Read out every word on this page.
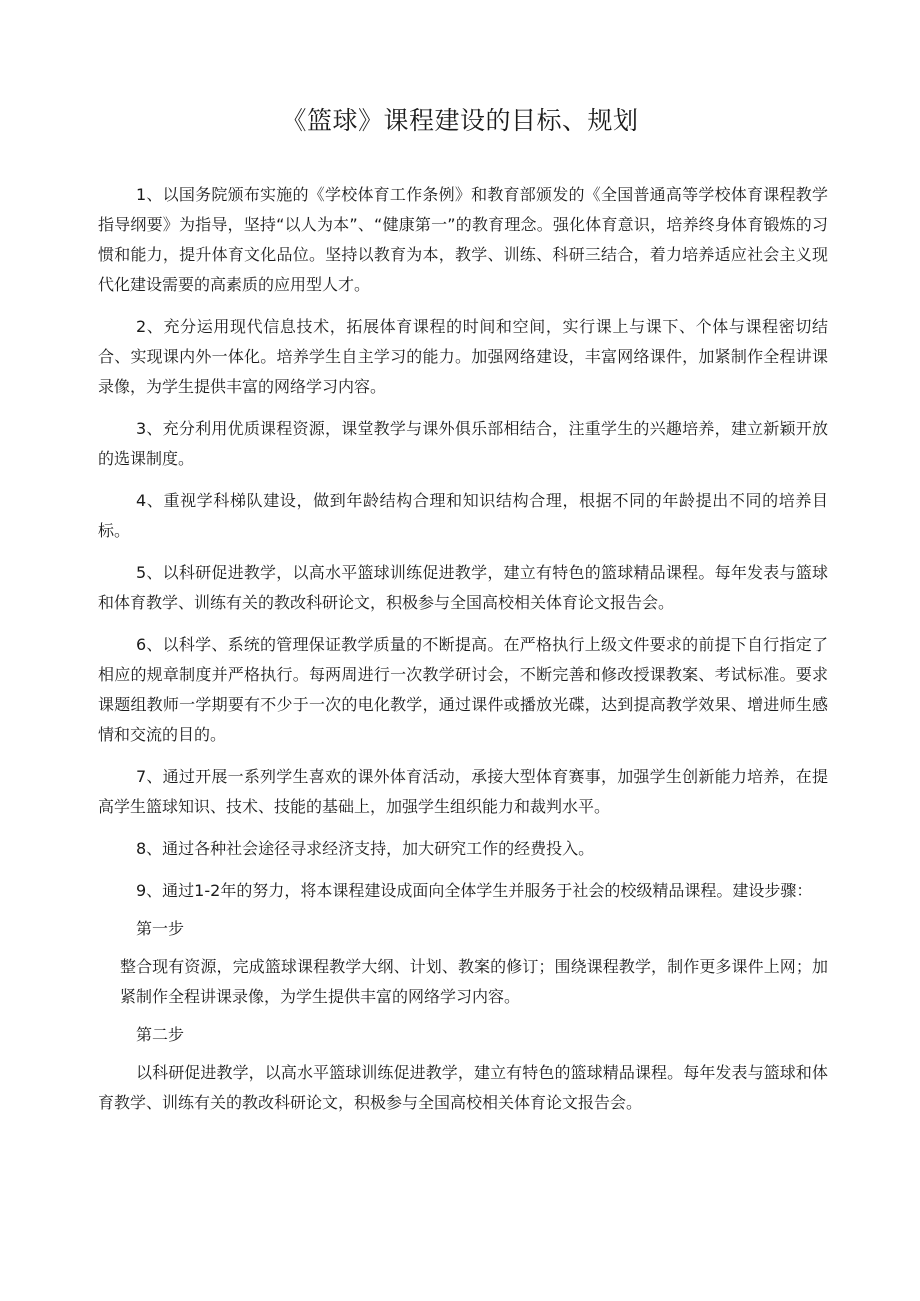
《篮球》课程建设的目标、规划

1、以国务院颁布实施的《学校体育工作条例》和教育部颁发的《全国普通高等学校体育课程教学指导纲要》为指导，坚持“以人为本”、“健康第一”的教育理念。强化体育意识，培养终身体育锻炼的习惯和能力，提升体育文化品位。坚持以教育为本，教学、训练、科研三结合，着力培养适应社会主义现代化建设需要的高素质的应用型人才。

2、充分运用现代信息技术，拓展体育课程的时间和空间，实行课上与课下、个体与课程密切结合、实现课内外一体化。培养学生自主学习的能力。加强网络建设，丰富网络课件，加紧制作全程讲课录像，为学生提供丰富的网络学习内容。

3、充分利用优质课程资源，课堂教学与课外俱乐部相结合，注重学生的兴趣培养，建立新颖开放的选课制度。

4、重视学科梯队建设，做到年龄结构合理和知识结构合理，根据不同的年龄提出不同的培养目标。

5、以科研促进教学，以高水平篮球训练促进教学，建立有特色的篮球精品课程。每年发表与篮球和体育教学、训练有关的教改科研论文，积极参与全国高校相关体育论文报告会。

6、以科学、系统的管理保证教学质量的不断提高。在严格执行上级文件要求的前提下自行指定了相应的规章制度并严格执行。每两周进行一次教学研讨会，不断完善和修改授课教案、考试标准。要求课题组教师一学期要有不少于一次的电化教学，通过课件或播放光碟，达到提高教学效果、增进师生感情和交流的目的。

7、通过开展一系列学生喜欢的课外体育活动，承接大型体育赛事，加强学生创新能力培养，在提高学生篮球知识、技术、技能的基础上，加强学生组织能力和裁判水平。

8、通过各种社会途径寻求经济支持，加大研究工作的经费投入。

9、通过1-2年的努力，将本课程建设成面向全体学生并服务于社会的校级精品课程。建设步骤：

第一步

整合现有资源，完成篮球课程教学大纲、计划、教案的修订；围绕课程教学，制作更多课件上网；加紧制作全程讲课录像，为学生提供丰富的网络学习内容。

第二步

以科研促进教学，以高水平篮球训练促进教学，建立有特色的篮球精品课程。每年发表与篮球和体育教学、训练有关的教改科研论文，积极参与全国高校相关体育论文报告会。
